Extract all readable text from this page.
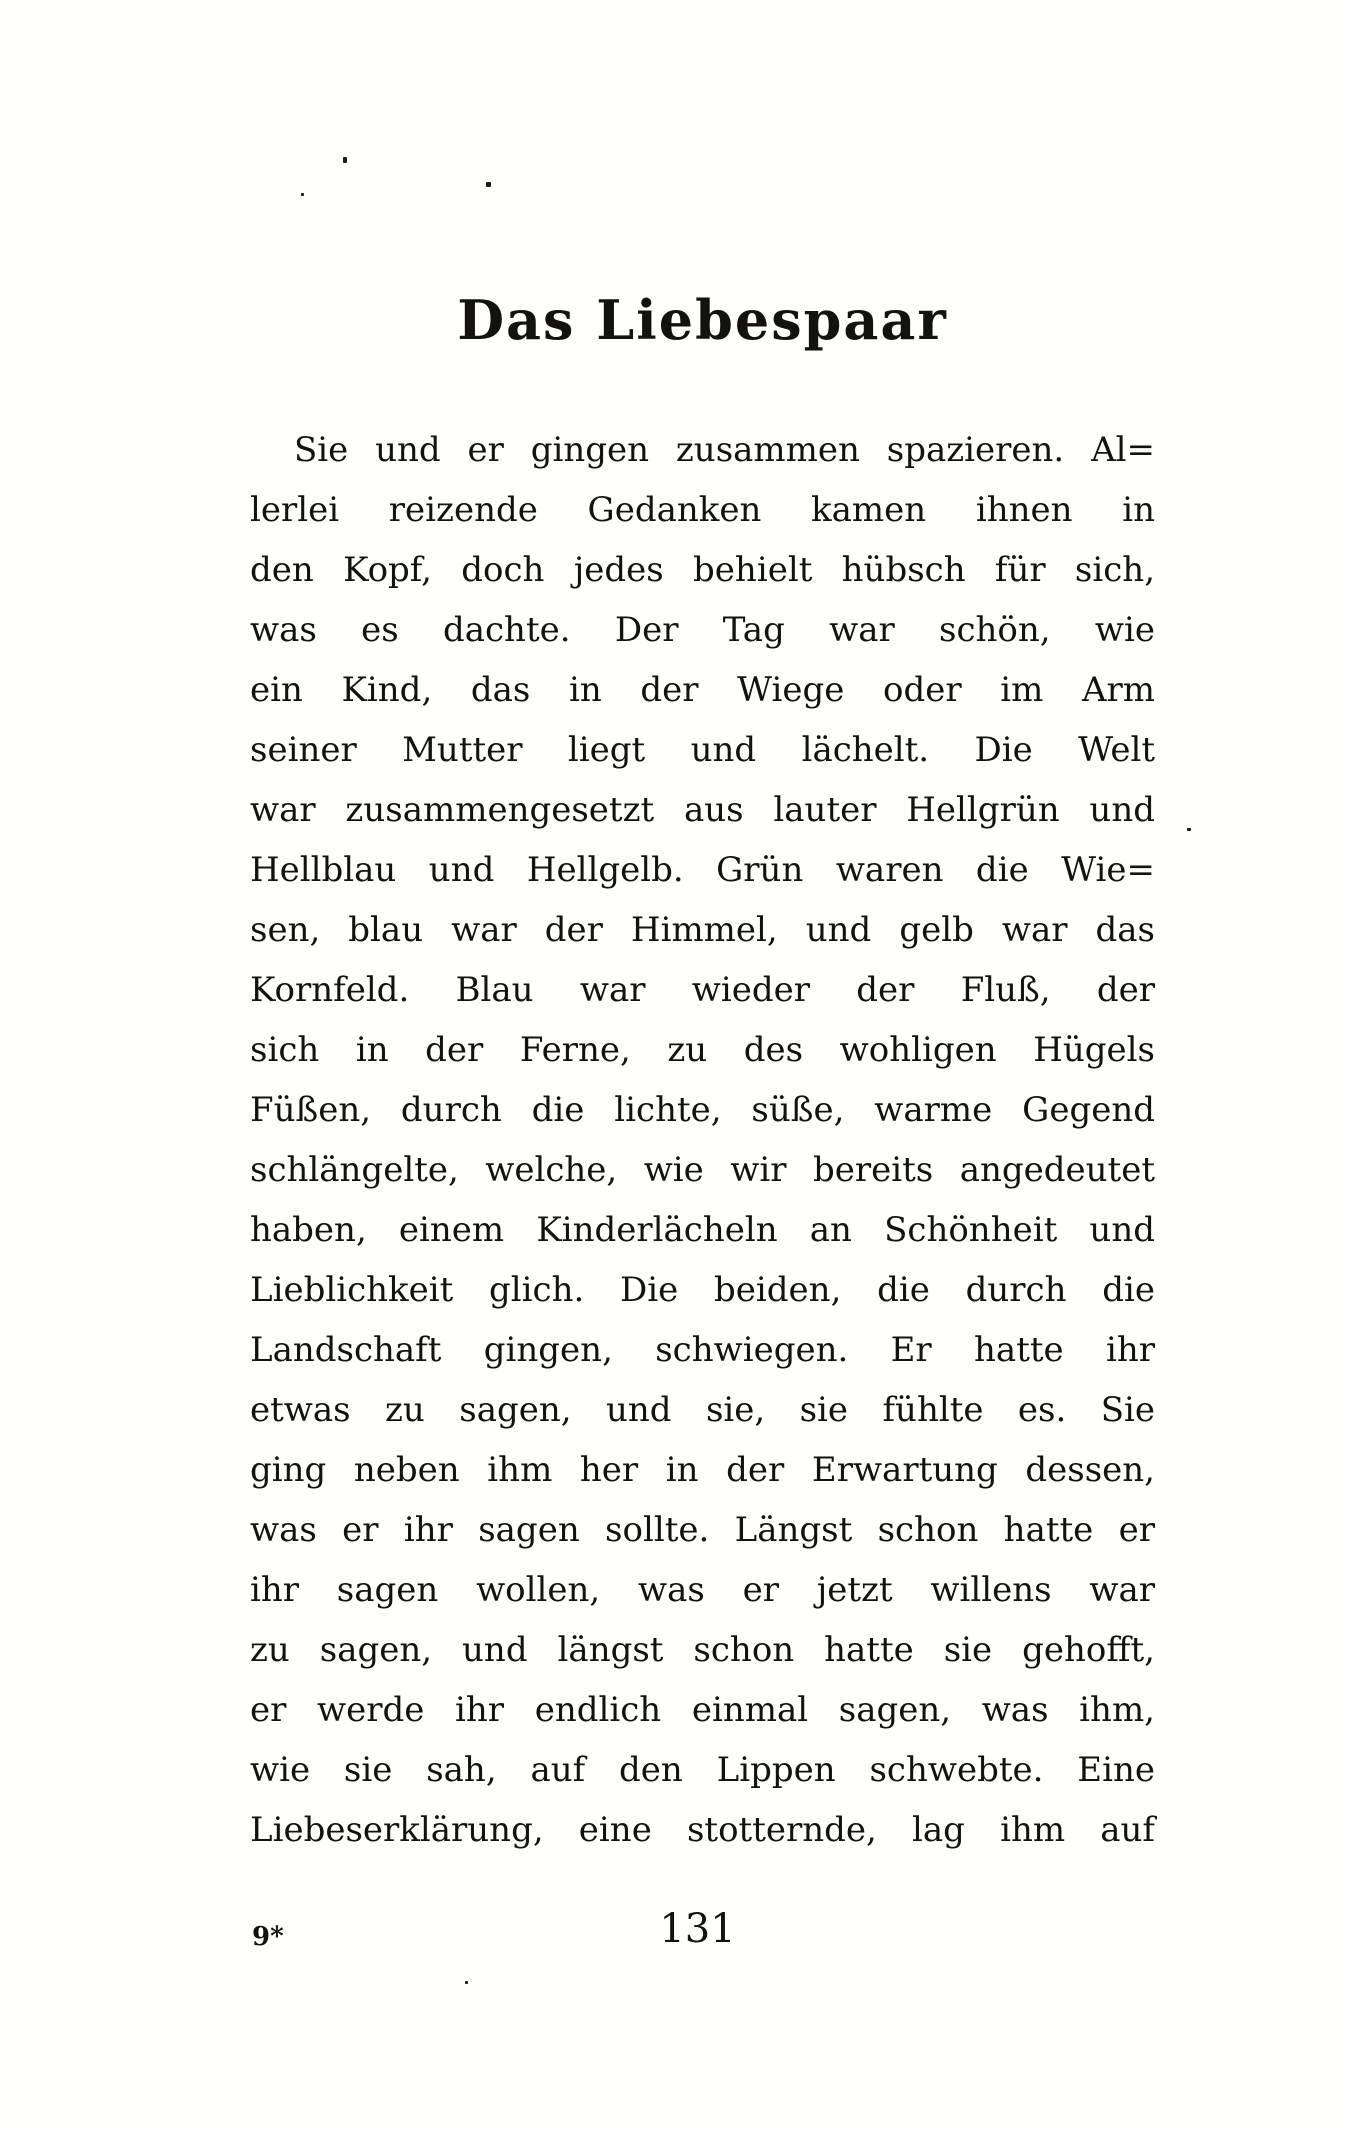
Das Liebespaar
Sie und er gingen zusammen spazieren. Al=
lerlei reizende Gedanken kamen ihnen in
den Kopf, doch jedes behielt hübsch für sich,
was es dachte. Der Tag war schön, wie
ein Kind, das in der Wiege oder im Arm
seiner Mutter liegt und lächelt. Die Welt
war zusammengesetzt aus lauter Hellgrün und
Hellblau und Hellgelb. Grün waren die Wie=
sen, blau war der Himmel, und gelb war das
Kornfeld. Blau war wieder der Fluß, der
sich in der Ferne, zu des wohligen Hügels
Füßen, durch die lichte, süße, warme Gegend
schlängelte, welche, wie wir bereits angedeutet
haben, einem Kinderlächeln an Schönheit und
Lieblichkeit glich. Die beiden, die durch die
Landschaft gingen, schwiegen. Er hatte ihr
etwas zu sagen, und sie, sie fühlte es. Sie
ging neben ihm her in der Erwartung dessen,
was er ihr sagen sollte. Längst schon hatte er
ihr sagen wollen, was er jetzt willens war
zu sagen, und längst schon hatte sie gehofft,
er werde ihr endlich einmal sagen, was ihm,
wie sie sah, auf den Lippen schwebte. Eine
Liebeserklärung, eine stotternde, lag ihm auf
9*	131
